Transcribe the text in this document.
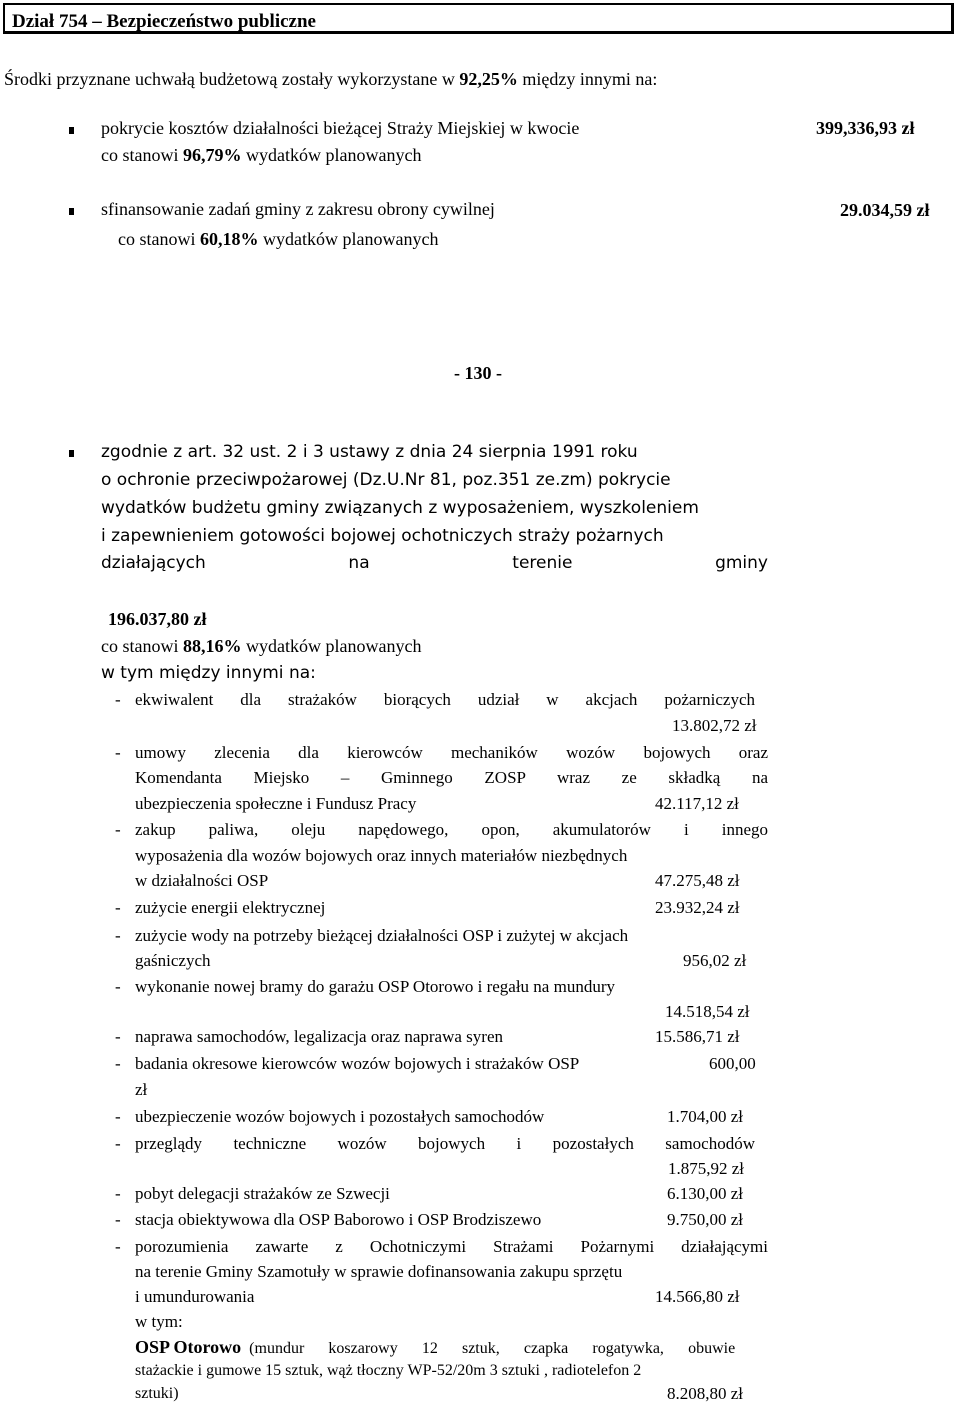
Dział 754 – Bezpieczeństwo publiczne
Środki przyznane uchwałą budżetową zostały wykorzystane w 92,25% między innymi na:
pokrycie kosztów działalności bieżącej Straży Miejskiej w kwocie
co stanowi 96,79% wydatków planowanych
399,336,93 zł
sfinansowanie zadań gminy z zakresu obrony cywilnej
co stanowi 60,18% wydatków planowanych
29.034,59 zł
- 130 -
zgodnie z art. 32 ust. 2 i 3 ustawy z dnia 24 sierpnia 1991 roku
o ochronie przeciwpożarowej (Dz.U.Nr 81, poz.351 ze.zm) pokrycie
wydatków budżetu gminy związanych z wyposażeniem, wyszkoleniem
i zapewnieniem gotowości bojowej ochotniczych straży pożarnych
działających na terenie gminy
196.037,80 zł
co stanowi 88,16% wydatków planowanych
w tym między innymi na:
- ekwiwalent dla strażaków biorących udział w akcjach pożarniczych
13.802,72 zł
- umowy zlecenia dla kierowców mechaników wozów bojowych oraz
Komendanta Miejsko – Gminnego ZOSP wraz ze składką na
ubezpieczenia społeczne i Fundusz Pracy	42.117,12 zł
- zakup paliwa, oleju napędowego, opon, akumulatorów i innego
wyposażenia dla wozów bojowych oraz innych materiałów niezbędnych
w działalności OSP	47.275,48 zł
- zużycie energii elektrycznej	23.932,24 zł
- zużycie wody na potrzeby bieżącej działalności OSP i zużytej w akcjach
gaśniczych	956,02 zł
- wykonanie nowej bramy do garażu OSP Otorowo i regału na mundury
14.518,54 zł
- naprawa samochodów, legalizacja oraz naprawa syren	15.586,71 zł
- badania okresowe kierowców wozów bojowych i strażaków OSP	600,00
zł
- ubezpieczenie wozów bojowych i pozostałych samochodów	1.704,00 zł
- przeglądy techniczne wozów bojowych i pozostałych samochodów
1.875,92 zł
- pobyt delegacji strażaków ze Szwecji	6.130,00 zł
- stacja obiektywowa dla OSP Baborowo i OSP Brodziszewo	9.750,00 zł
- porozumienia zawarte z Ochotniczymi Strażami Pożarnymi działającymi
na terenie Gminy Szamotuły w sprawie dofinansowania zakupu sprzętu
i umundurowania	14.566,80 zł
w tym:
OSP Otorowo (mundur koszarowy 12 sztuk, czapka rogatywka, obuwie
stażackie i gumowe 15 sztuk, wąż tłoczny WP-52/20m 3 sztuki , radiotelefon 2
sztuki)	8.208,80 zł
